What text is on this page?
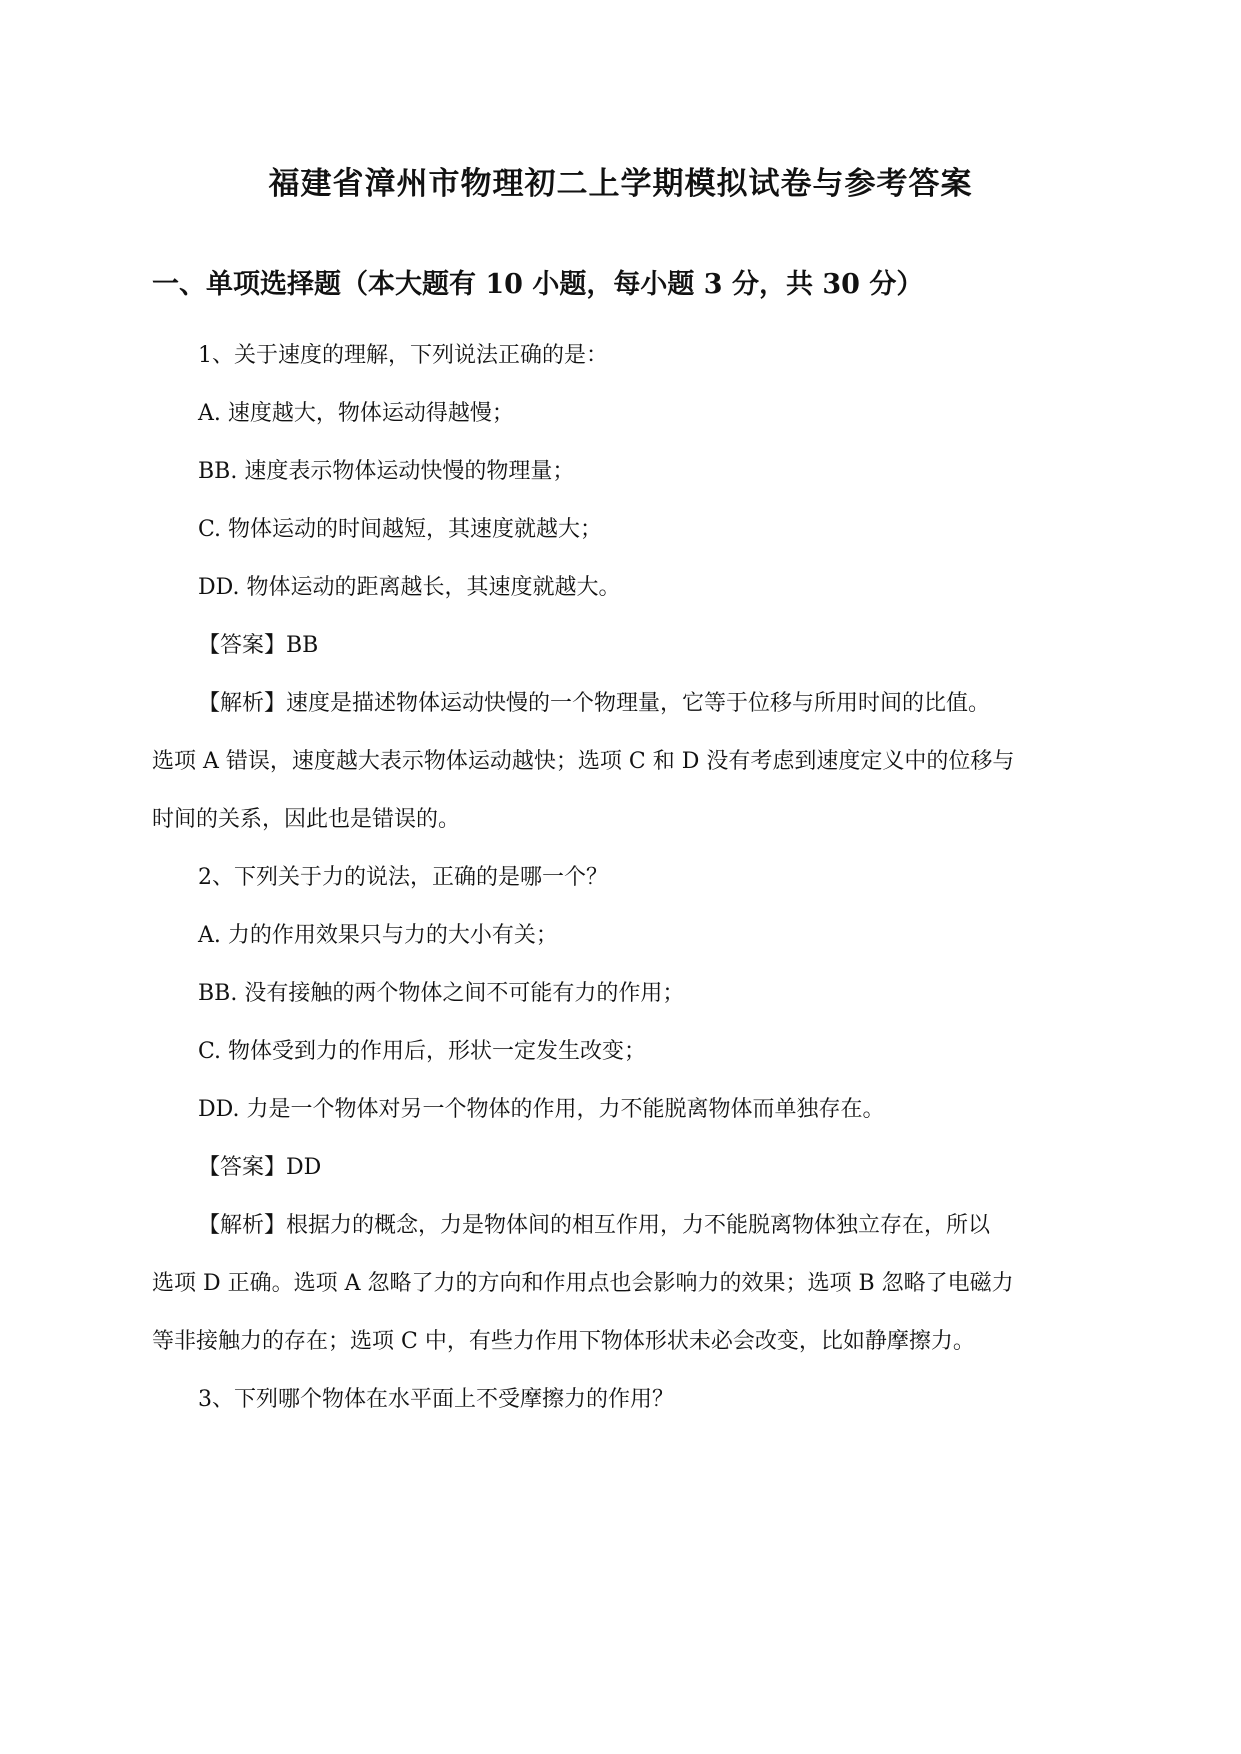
福建省漳州市物理初二上学期模拟试卷与参考答案
一、单项选择题（本大题有 10 小题，每小题 3 分，共 30 分）
1、关于速度的理解，下列说法正确的是：
A. 速度越大，物体运动得越慢；
BB. 速度表示物体运动快慢的物理量；
C. 物体运动的时间越短，其速度就越大；
DD. 物体运动的距离越长，其速度就越大。
【答案】BB
【解析】速度是描述物体运动快慢的一个物理量，它等于位移与所用时间的比值。
选项 A 错误，速度越大表示物体运动越快；选项 C 和 D 没有考虑到速度定义中的位移与
时间的关系，因此也是错误的。
2、下列关于力的说法，正确的是哪一个？
A. 力的作用效果只与力的大小有关；
BB. 没有接触的两个物体之间不可能有力的作用；
C. 物体受到力的作用后，形状一定发生改变；
DD. 力是一个物体对另一个物体的作用，力不能脱离物体而单独存在。
【答案】DD
【解析】根据力的概念，力是物体间的相互作用，力不能脱离物体独立存在，所以
选项 D 正确。选项 A 忽略了力的方向和作用点也会影响力的效果；选项 B 忽略了电磁力
等非接触力的存在；选项 C 中，有些力作用下物体形状未必会改变，比如静摩擦力。
3、下列哪个物体在水平面上不受摩擦力的作用？
